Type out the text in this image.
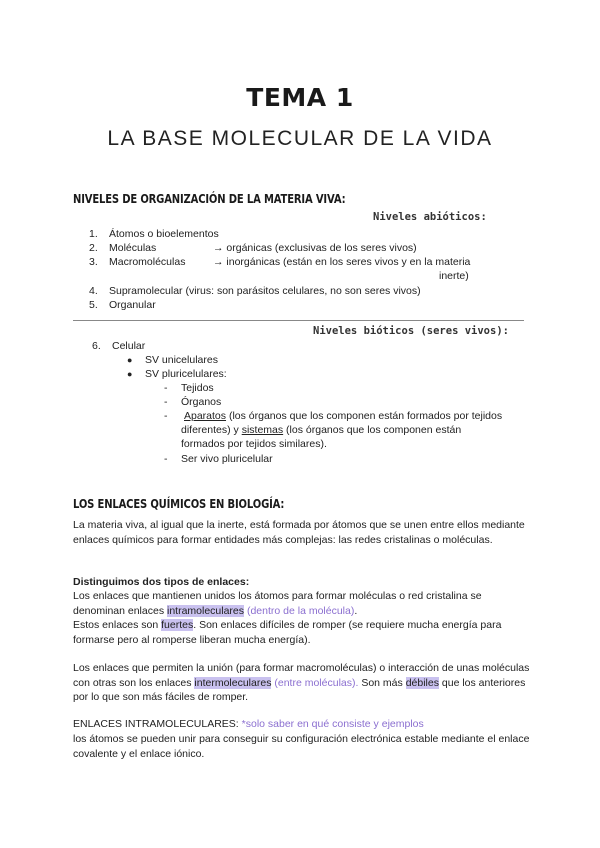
TEMA 1
LA BASE MOLECULAR DE LA VIDA
NIVELES DE ORGANIZACIÓN DE LA MATERIA VIVA:
Niveles abióticos:
1. Átomos o bioelementos
2. Moléculas	→ orgánicas (exclusivas de los seres vivos)
3. Macromoléculas	→ inorgánicas (están en los seres vivos y en la materia
inerte)
4. Supramolecular (virus: son parásitos celulares, no son seres vivos)
5. Organular
Niveles bióticos (seres vivos):
6. Celular
● SV unicelulares
● SV pluricelulares:
- Tejidos
- Órganos
- Aparatos (los órganos que los componen están formados por tejidos
diferentes) y sistemas (los órganos que los componen están
formados por tejidos similares).
- Ser vivo pluricelular
LOS ENLACES QUÍMICOS EN BIOLOGÍA:
La materia viva, al igual que la inerte, está formada por átomos que se unen entre ellos mediante enlaces químicos para formar entidades más complejas: las redes cristalinas o moléculas.
Distinguimos dos tipos de enlaces:
Los enlaces que mantienen unidos los átomos para formar moléculas o red cristalina se denominan enlaces intramoleculares (dentro de la molécula).
Estos enlaces son fuertes. Son enlaces difíciles de romper (se requiere mucha energía para formarse pero al romperse liberan mucha energía).
Los enlaces que permiten la unión (para formar macromoléculas) o interacción de unas moléculas con otras son los enlaces intermoleculares (entre moléculas). Son más débiles que los anteriores por lo que son más fáciles de romper.
ENLACES INTRAMOLECULARES: *solo saber en qué consiste y ejemplos
los átomos se pueden unir para conseguir su configuración electrónica estable mediante el enlace covalente y el enlace iónico.
